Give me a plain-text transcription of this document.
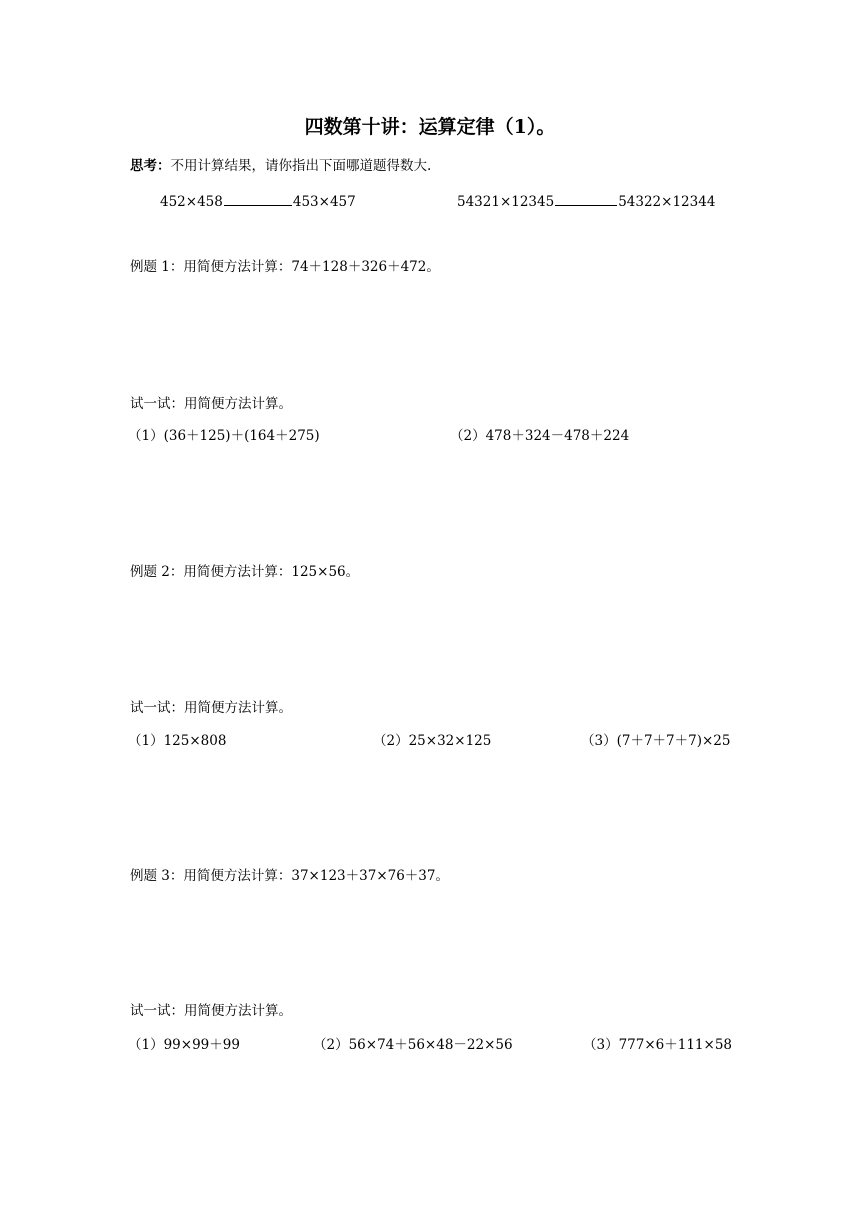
四数第十讲：运算定律（1）。
思考：不用计算结果，请你指出下面哪道题得数大.
452×458	453×457	54321×12345	54322×12344
例题 1：用简便方法计算：74＋128＋326＋472。
试一试：用简便方法计算。
（1）(36＋125)＋(164＋275)	（2）478＋324－478＋224
例题 2：用简便方法计算：125×56。
试一试：用简便方法计算。
（1）125×808	（2）25×32×125	（3）(7＋7＋7＋7)×25
例题 3：用简便方法计算：37×123＋37×76＋37。
试一试：用简便方法计算。
（1）99×99＋99	（2）56×74＋56×48－22×56	（3）777×6＋111×58
